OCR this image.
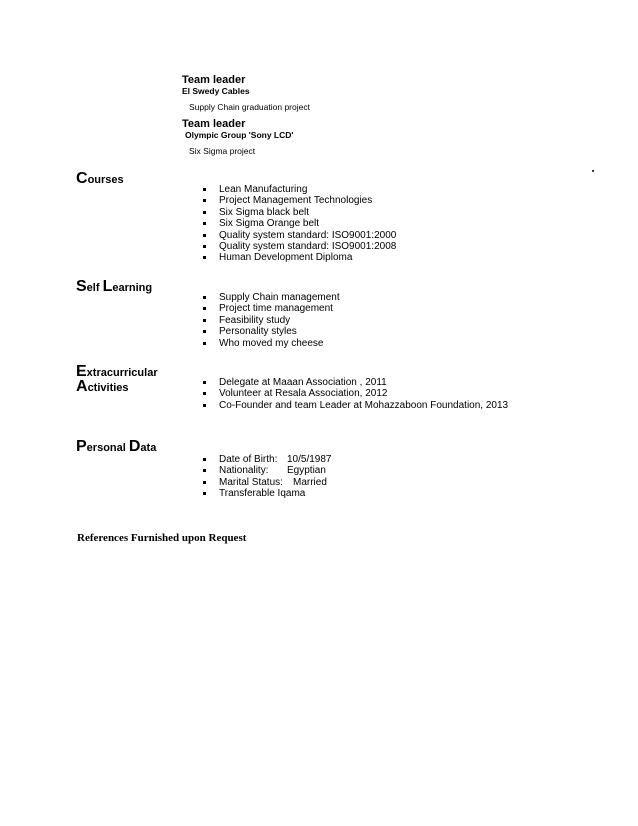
Team leader
El Swedy Cables
Supply Chain graduation project
Team leader
Olympic Group 'Sony LCD'
Six Sigma project
Courses
Lean Manufacturing
Project Management Technologies
Six Sigma black belt
Six Sigma Orange belt
Quality system standard: ISO9001:2000
Quality system standard: ISO9001:2008
Human Development Diploma
Self Learning
Supply Chain management
Project time management
Feasibility study
Personality styles
Who moved my cheese
Extracurricular
Activities	Delegate at Maaan Association , 2011
Volunteer at Resala Association, 2012
Co-Founder and team Leader at Mohazzaboon Foundation, 2013
Personal Data
Date of Birth: 10/5/1987
Nationality: Egyptian
Marital Status: Married
Transferable Iqama
References Furnished upon Request
